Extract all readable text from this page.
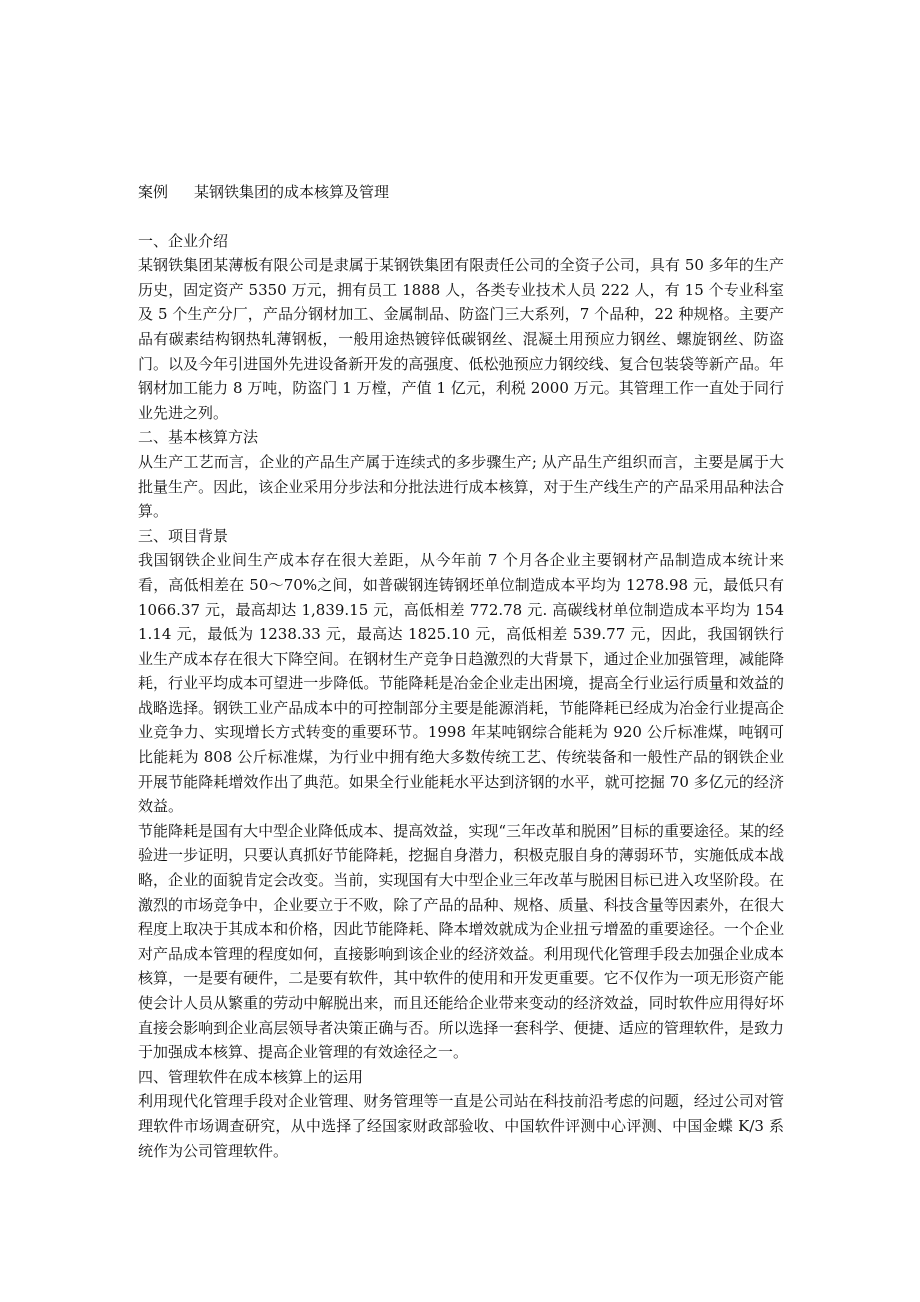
案例 某钢铁集团的成本核算及管理

一、企业介绍

某钢铁集团某薄板有限公司是隶属于某钢铁集团有限责任公司的全资子公司，具有 50 多年的生产历史，固定资产 5350 万元，拥有员工 1888 人，各类专业技术人员 222 人，有 15 个专业科室及 5 个生产分厂，产品分钢材加工、金属制品、防盗门三大系列，7 个品种，22 种规格。主要产品有碳素结构钢热轧薄钢板，一般用途热镀锌低碳钢丝、混凝土用预应力钢丝、螺旋钢丝、防盗门。以及今年引进国外先进设备新开发的高强度、低松弛预应力钢绞线、复合包装袋等新产品。年钢材加工能力 8 万吨，防盗门 1 万樘，产值 1 亿元，利税 2000 万元。其管理工作一直处于同行业先进之列。

二、基本核算方法

从生产工艺而言，企业的产品生产属于连续式的多步骤生产; 从产品生产组织而言，主要是属于大批量生产。因此，该企业采用分步法和分批法进行成本核算，对于生产线生产的产品采用品种法合算。

三、项目背景

我国钢铁企业间生产成本存在很大差距，从今年前 7 个月各企业主要钢材产品制造成本统计来看，高低相差在 50～70%之间，如普碳钢连铸钢坯单位制造成本平均为 1278.98 元，最低只有 1066.37 元，最高却达 1,839.15 元，高低相差 772.78 元. 高碳线材单位制造成本平均为 1541.14 元，最低为 1238.33 元，最高达 1825.10 元，高低相差 539.77 元，因此，我国钢铁行业生产成本存在很大下降空间。在钢材生产竞争日趋激烈的大背景下，通过企业加强管理，减能降耗，行业平均成本可望进一步降低。节能降耗是冶金企业走出困境，提高全行业运行质量和效益的战略选择。钢铁工业产品成本中的可控制部分主要是能源消耗，节能降耗已经成为冶金行业提高企业竞争力、实现增长方式转变的重要环节。1998 年某吨钢综合能耗为 920 公斤标准煤，吨钢可比能耗为 808 公斤标准煤，为行业中拥有绝大多数传统工艺、传统装备和一般性产品的钢铁企业开展节能降耗增效作出了典范。如果全行业能耗水平达到济钢的水平，就可挖掘 70 多亿元的经济效益。

节能降耗是国有大中型企业降低成本、提高效益，实现“三年改革和脱困”目标的重要途径。某的经验进一步证明，只要认真抓好节能降耗，挖掘自身潜力，积极克服自身的薄弱环节，实施低成本战略，企业的面貌肯定会改变。当前，实现国有大中型企业三年改革与脱困目标已进入攻坚阶段。在激烈的市场竞争中，企业要立于不败，除了产品的品种、规格、质量、科技含量等因素外，在很大程度上取决于其成本和价格，因此节能降耗、降本增效就成为企业扭亏增盈的重要途径。一个企业对产品成本管理的程度如何，直接影响到该企业的经济效益。利用现代化管理手段去加强企业成本核算，一是要有硬件，二是要有软件，其中软件的使用和开发更重要。它不仅作为一项无形资产能使会计人员从繁重的劳动中解脱出来，而且还能给企业带来变动的经济效益，同时软件应用得好坏直接会影响到企业高层领导者决策正确与否。所以选择一套科学、便捷、适应的管理软件，是致力于加强成本核算、提高企业管理的有效途径之一。

四、管理软件在成本核算上的运用

利用现代化管理手段对企业管理、财务管理等一直是公司站在科技前沿考虑的问题，经过公司对管理软件市场调查研究，从中选择了经国家财政部验收、中国软件评测中心评测、中国金蝶 K/3 系统作为公司管理软件。
